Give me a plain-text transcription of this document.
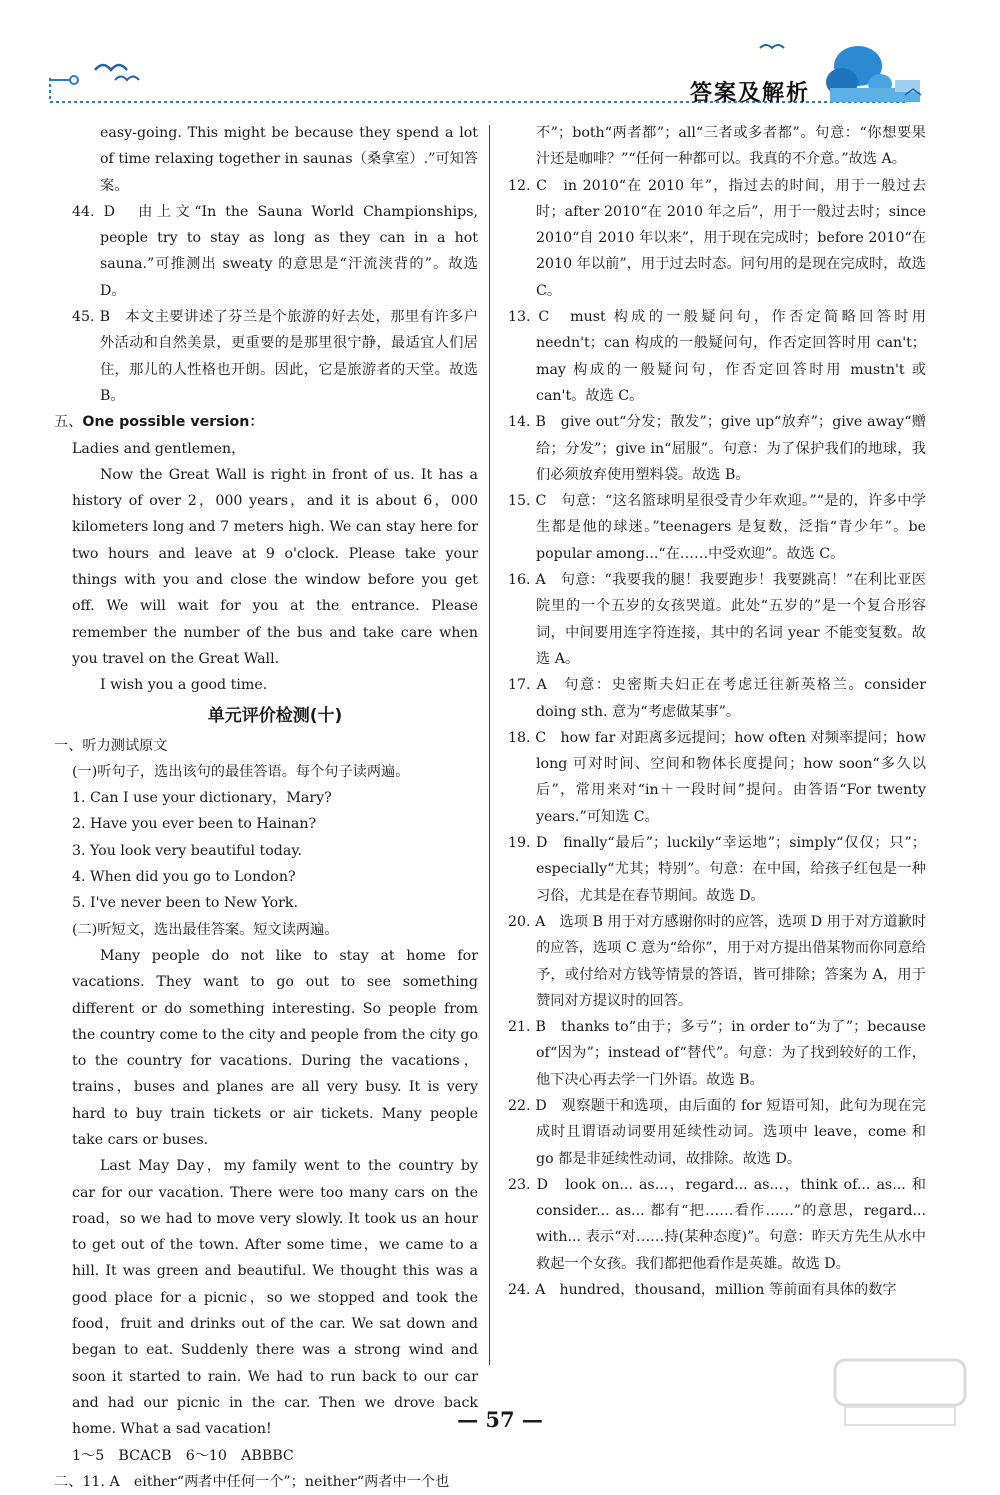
答案及解析

easy-going. This might be because they spend a lot of time relaxing together in saunas（桑拿室）.”可知答案。

44. D　由上文“In the Sauna World Championships, people try to stay as long as they can in a hot sauna.”可推测出 sweaty 的意思是“汗流浃背的”。故选 D。

45. B　本文主要讲述了芬兰是个旅游的好去处，那里有许多户外活动和自然美景，更重要的是那里很宁静，最适宜人们居住，那儿的人性格也开朗。因此，它是旅游者的天堂。故选 B。

五、One possible version：

Ladies and gentlemen，

Now the Great Wall is right in front of us. It has a history of over 2，000 years，and it is about 6，000 kilometers long and 7 meters high. We can stay here for two hours and leave at 9 o'clock. Please take your things with you and close the window before you get off. We will wait for you at the entrance. Please remember the number of the bus and take care when you travel on the Great Wall.

I wish you a good time.

单元评价检测(十)

一、听力测试原文

(一)听句子，选出该句的最佳答语。每个句子读两遍。

1. Can I use your dictionary，Mary?

2. Have you ever been to Hainan?

3. You look very beautiful today.

4. When did you go to London?

5. I've never been to New York.

(二)听短文，选出最佳答案。短文读两遍。

Many people do not like to stay at home for vacations. They want to go out to see something different or do something interesting. So people from the country come to the city and people from the city go to the country for vacations. During the vacations，trains，buses and planes are all very busy. It is very hard to buy train tickets or air tickets. Many people take cars or buses.

Last May Day，my family went to the country by car for our vacation. There were too many cars on the road，so we had to move very slowly. It took us an hour to get out of the town. After some time，we came to a hill. It was green and beautiful. We thought this was a good place for a picnic，so we stopped and took the food，fruit and drinks out of the car. We sat down and began to eat. Suddenly there was a strong wind and soon it started to rain. We had to run back to our car and had our picnic in the car. Then we drove back home. What a sad vacation!

1～5　BCACB　6～10　ABBBC

二、11. A　either“两者中任何一个”；neither“两者中一个也

不”；both“两者都”；all“三者或多者都”。句意：“你想要果汁还是咖啡？”“任何一种都可以。我真的不介意。”故选 A。

12. C　in 2010“在 2010 年”，指过去的时间，用于一般过去时；after 2010“在 2010 年之后”，用于一般过去时；since 2010“自 2010 年以来”，用于现在完成时；before 2010“在 2010 年以前”，用于过去时态。问句用的是现在完成时，故选 C。

13. C　must 构成的一般疑问句，作否定简略回答时用 needn't；can 构成的一般疑问句，作否定回答时用 can't；may 构成的一般疑问句，作否定回答时用 mustn't 或 can't。故选 C。

14. B　give out“分发；散发”；give up“放弃”；give away“赠给；分发”；give in“屈服”。句意：为了保护我们的地球，我们必须放弃使用塑料袋。故选 B。

15. C　句意：“这名篮球明星很受青少年欢迎。”“是的，许多中学生都是他的球迷。”teenagers 是复数，泛指“青少年”。be popular among...“在……中受欢迎”。故选 C。

16. A　句意：“我要我的腿！我要跑步！我要跳高！”在利比亚医院里的一个五岁的女孩哭道。此处“五岁的”是一个复合形容词，中间要用连字符连接，其中的名词 year 不能变复数。故选 A。

17. A　句意：史密斯夫妇正在考虑迁往新英格兰。consider doing sth. 意为“考虑做某事”。

18. C　how far 对距离多远提问；how often 对频率提问；how long 可对时间、空间和物体长度提问；how soon“多久以后”，常用来对“in＋一段时间”提问。由答语“For twenty years.”可知选 C。

19. D　finally“最后”；luckily“幸运地”；simply“仅仅；只”；especially“尤其；特别”。句意：在中国，给孩子红包是一种习俗，尤其是在春节期间。故选 D。

20. A　选项 B 用于对方感谢你时的应答，选项 D 用于对方道歉时的应答，选项 C 意为“给你”，用于对方提出借某物而你同意给予，或付给对方钱等情景的答语，皆可排除；答案为 A，用于赞同对方提议时的回答。

21. B　thanks to“由于；多亏”；in order to“为了”；because of“因为”；instead of“替代”。句意：为了找到较好的工作，他下决心再去学一门外语。故选 B。

22. D　观察题干和选项，由后面的 for 短语可知，此句为现在完成时且谓语动词要用延续性动词。选项中 leave，come 和 go 都是非延续性动词，故排除。故选 D。

23. D　look on... as...，regard... as...，think of... as... 和 consider... as... 都有“把……看作……”的意思，regard... with... 表示“对……持(某种态度)”。句意：昨天方先生从水中救起一个女孩。我们都把他看作是英雄。故选 D。

24. A　hundred，thousand，million 等前面有具体的数字

— 57 —
